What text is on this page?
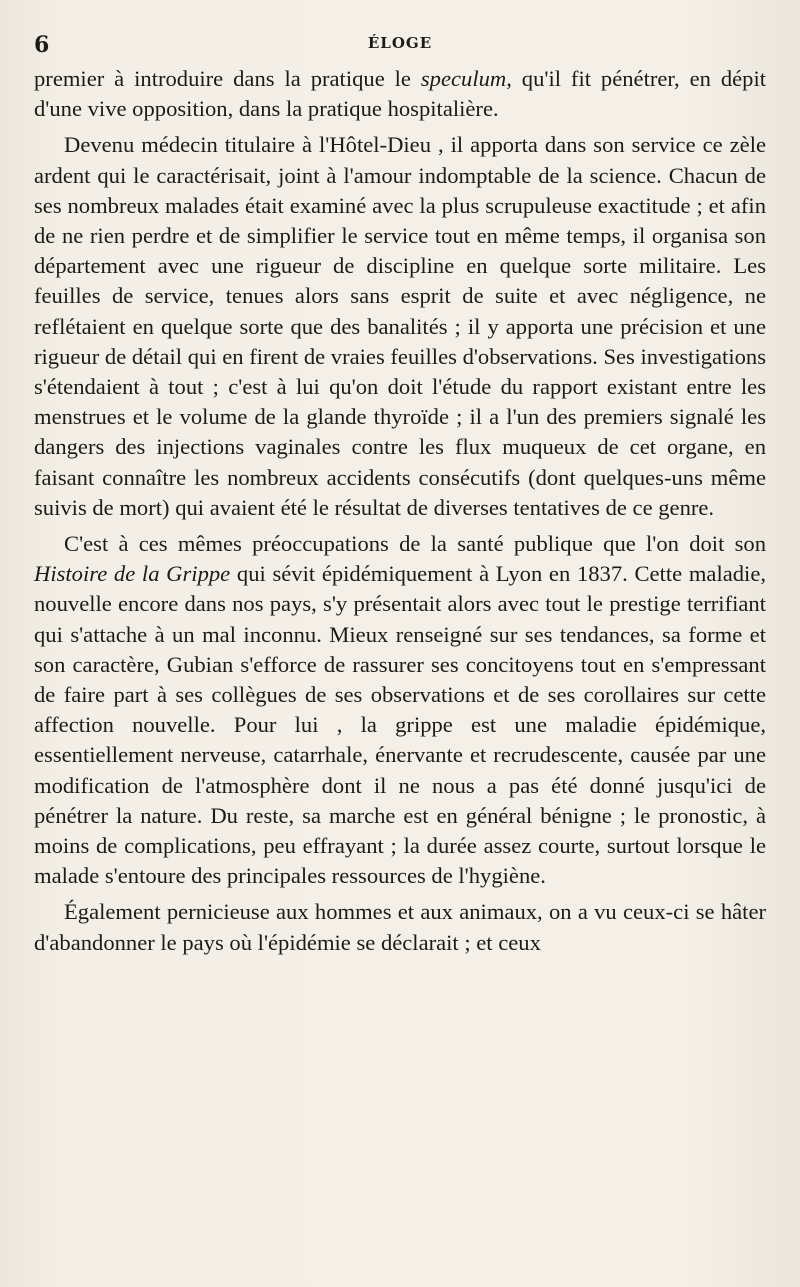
6	ÉLOGE

premier à introduire dans la pratique le speculum, qu'il fit pénétrer, en dépit d'une vive opposition, dans la pratique hospitalière.

Devenu médecin titulaire à l'Hôtel-Dieu , il apporta dans son service ce zèle ardent qui le caractérisait, joint à l'amour indomptable de la science. Chacun de ses nombreux malades était examiné avec la plus scrupuleuse exactitude ; et afin de ne rien perdre et de simplifier le service tout en même temps, il organisa son département avec une rigueur de discipline en quelque sorte militaire. Les feuilles de service, tenues alors sans esprit de suite et avec négligence, ne reflétaient en quelque sorte que des banalités ; il y apporta une précision et une rigueur de détail qui en firent de vraies feuilles d'observations. Ses investigations s'étendaient à tout ; c'est à lui qu'on doit l'étude du rapport existant entre les menstrues et le volume de la glande thyroïde ; il a l'un des premiers signalé les dangers des injections vaginales contre les flux muqueux de cet organe, en faisant connaître les nombreux accidents consécutifs (dont quelques-uns même suivis de mort) qui avaient été le résultat de diverses tentatives de ce genre.

C'est à ces mêmes préoccupations de la santé publique que l'on doit son Histoire de la Grippe qui sévit épidémiquement à Lyon en 1837. Cette maladie, nouvelle encore dans nos pays, s'y présentait alors avec tout le prestige terrifiant qui s'attache à un mal inconnu. Mieux renseigné sur ses tendances, sa forme et son caractère, Gubian s'efforce de rassurer ses concitoyens tout en s'empressant de faire part à ses collègues de ses observations et de ses corollaires sur cette affection nouvelle. Pour lui , la grippe est une maladie épidémique, essentiellement nerveuse, catarrhale, énervante et recrudescente, causée par une modification de l'atmosphère dont il ne nous a pas été donné jusqu'ici de pénétrer la nature. Du reste, sa marche est en général bénigne ; le pronostic, à moins de complications, peu effrayant ; la durée assez courte, surtout lorsque le malade s'entoure des principales ressources de l'hygiène.

Également pernicieuse aux hommes et aux animaux, on a vu ceux-ci se hâter d'abandonner le pays où l'épidémie se déclarait ; et ceux
